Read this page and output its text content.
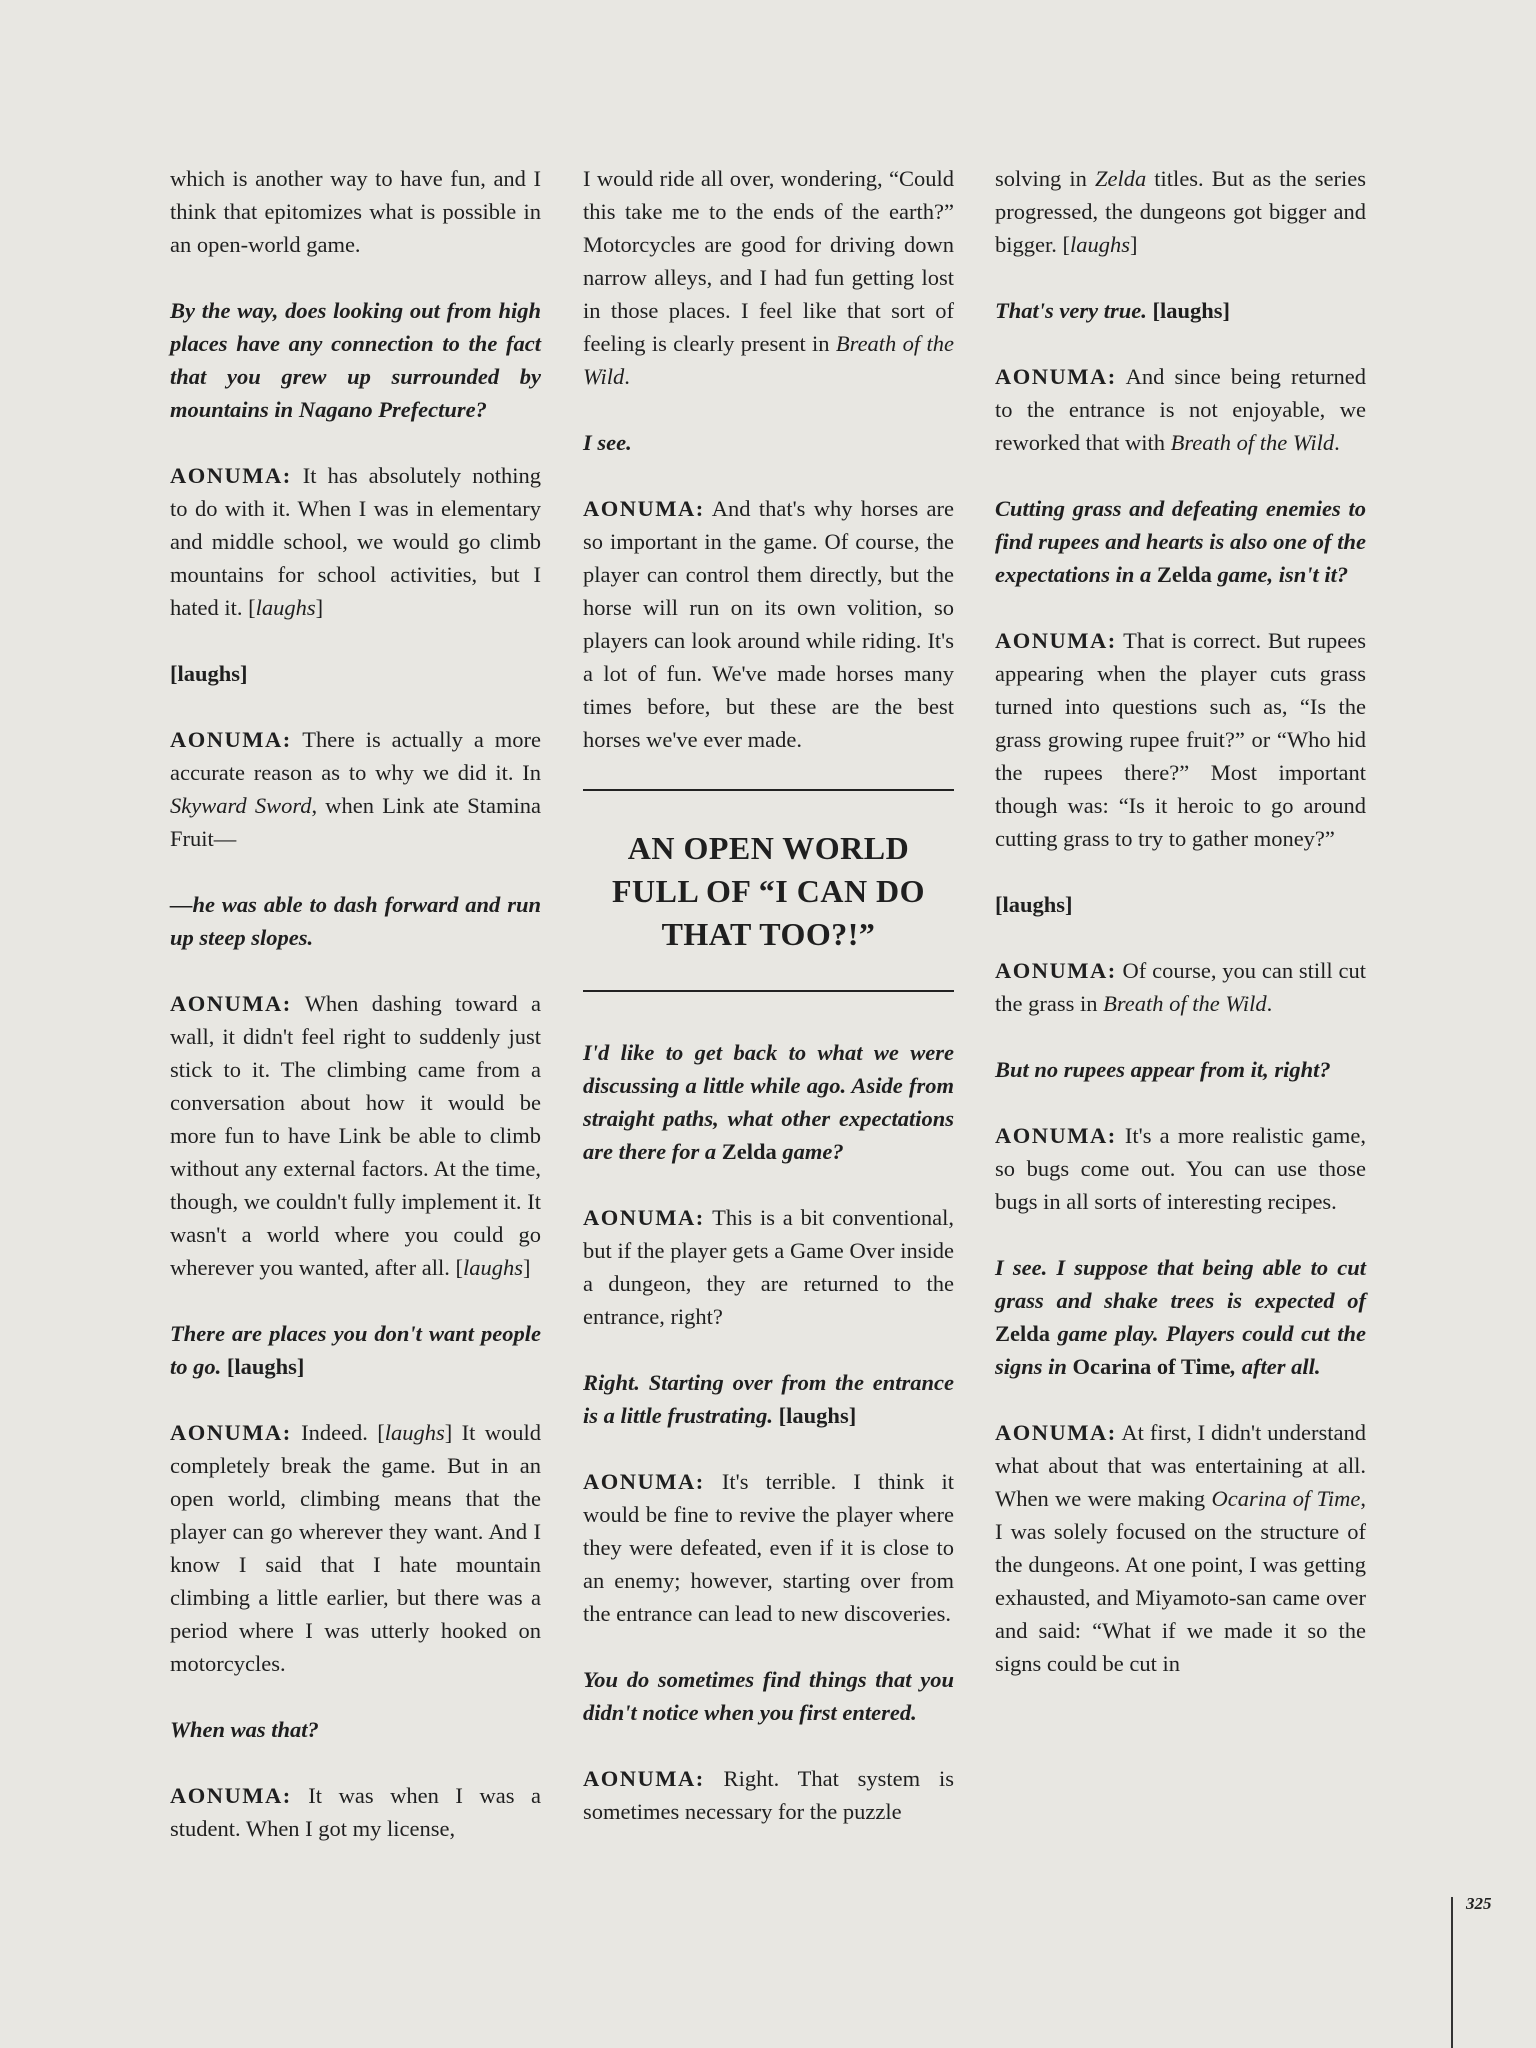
which is another way to have fun, and I think that epitomizes what is possible in an open-world game.

By the way, does looking out from high places have any connection to the fact that you grew up surrounded by mountains in Nagano Prefecture?

AONUMA: It has absolutely nothing to do with it. When I was in elementary and middle school, we would go climb mountains for school activities, but I hated it. [laughs]

[laughs]

AONUMA: There is actually a more accurate reason as to why we did it. In Skyward Sword, when Link ate Stamina Fruit—

—he was able to dash forward and run up steep slopes.

AONUMA: When dashing toward a wall, it didn't feel right to suddenly just stick to it. The climbing came from a conversation about how it would be more fun to have Link be able to climb without any external factors. At the time, though, we couldn't fully implement it. It wasn't a world where you could go wherever you wanted, after all. [laughs]

There are places you don't want people to go. [laughs]

AONUMA: Indeed. [laughs] It would completely break the game. But in an open world, climbing means that the player can go wherever they want. And I know I said that I hate mountain climbing a little earlier, but there was a period where I was utterly hooked on motorcycles.

When was that?

AONUMA: It was when I was a student. When I got my license,

I would ride all over, wondering, “Could this take me to the ends of the earth?” Motorcycles are good for driving down narrow alleys, and I had fun getting lost in those places. I feel like that sort of feeling is clearly present in Breath of the Wild.

I see.

AONUMA: And that's why horses are so important in the game. Of course, the player can control them directly, but the horse will run on its own volition, so players can look around while riding. It's a lot of fun. We've made horses many times before, but these are the best horses we've ever made.

AN OPEN WORLD FULL OF “I CAN DO THAT TOO?!”

I'd like to get back to what we were discussing a little while ago. Aside from straight paths, what other expectations are there for a Zelda game?

AONUMA: This is a bit conventional, but if the player gets a Game Over inside a dungeon, they are returned to the entrance, right?

Right. Starting over from the entrance is a little frustrating. [laughs]

AONUMA: It's terrible. I think it would be fine to revive the player where they were defeated, even if it is close to an enemy; however, starting over from the entrance can lead to new discoveries.

You do sometimes find things that you didn't notice when you first entered.

AONUMA: Right. That system is sometimes necessary for the puzzle

solving in Zelda titles. But as the series progressed, the dungeons got bigger and bigger. [laughs]

That's very true. [laughs]

AONUMA: And since being returned to the entrance is not enjoyable, we reworked that with Breath of the Wild.

Cutting grass and defeating enemies to find rupees and hearts is also one of the expectations in a Zelda game, isn't it?

AONUMA: That is correct. But rupees appearing when the player cuts grass turned into questions such as, “Is the grass growing rupee fruit?” or “Who hid the rupees there?” Most important though was: “Is it heroic to go around cutting grass to try to gather money?”

[laughs]

AONUMA: Of course, you can still cut the grass in Breath of the Wild.

But no rupees appear from it, right?

AONUMA: It's a more realistic game, so bugs come out. You can use those bugs in all sorts of interesting recipes.

I see. I suppose that being able to cut grass and shake trees is expected of Zelda game play. Players could cut the signs in Ocarina of Time, after all.

AONUMA: At first, I didn't understand what about that was entertaining at all. When we were making Ocarina of Time, I was solely focused on the structure of the dungeons. At one point, I was getting exhausted, and Miyamoto-san came over and said: “What if we made it so the signs could be cut in

325
